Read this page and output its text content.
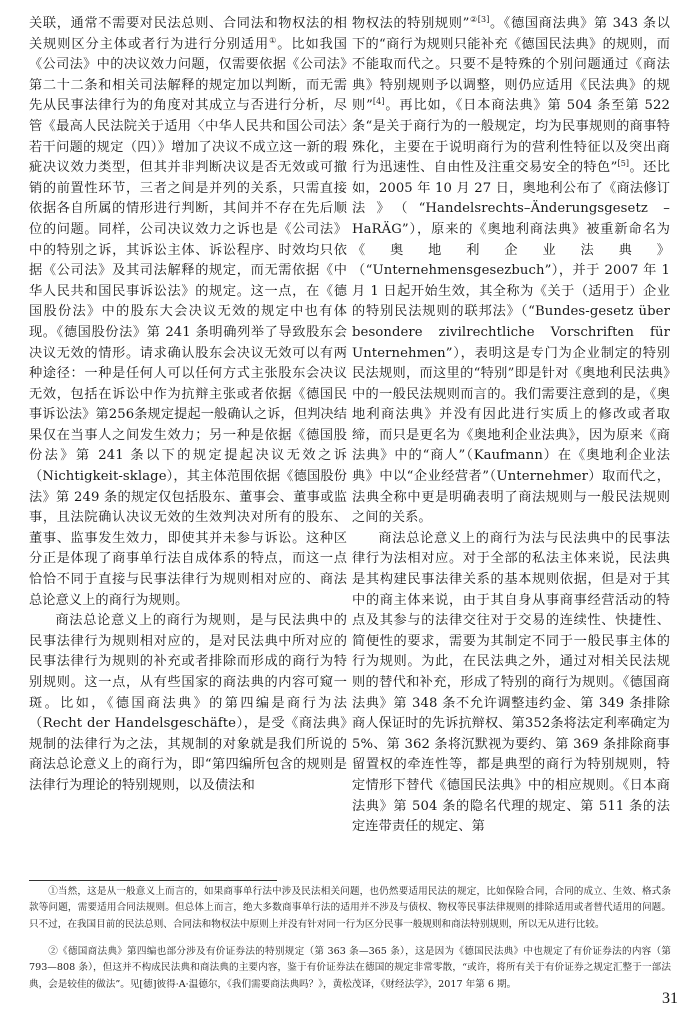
关联，通常不需要对民法总则、合同法和物权法的相关规则区分主体或者行为进行分别适用①。比如我国《公司法》中的决议效力问题，仅需要依据《公司法》第二十二条和相关司法解释的规定加以判断，而无需先从民事法律行为的角度对其成立与否进行分析，尽管《最高人民法院关于适用〈中华人民共和国公司法〉若干问题的规定（四）》增加了决议不成立这一新的瑕疵决议效力类型，但其并非判断决议是否无效或可撤销的前置性环节，三者之间是并列的关系，只需直接依据各自所属的情形进行判断，其间并不存在先后顺位的问题。同样，公司决议效力之诉也是《公司法》中的特别之诉，其诉讼主体、诉讼程序、时效均只依据《公司法》及其司法解释的规定，而无需依据《中华人民共和国民事诉讼法》的规定。这一点，在《德国股份法》中的股东大会决议无效的规定中也有体现。《德国股份法》第 241 条明确列举了导致股东会决议无效的情形。请求确认股东会决议无效可以有两种途径：一种是任何人可以任何方式主张股东会决议无效，包括在诉讼中作为抗辩主张或者依据《德国民事诉讼法》第256条规定提起一般确认之诉，但判决结果仅在当事人之间发生效力；另一种是依据《德国股份法》第 241 条以下的规定提起决议无效之诉（Nichtigkeit-sklage），其主体范围依据《德国股份法》第 249 条的规定仅包括股东、董事会、董事或监事，且法院确认决议无效的生效判决对所有的股东、董事、监事发生效力，即使其并未参与诉讼。这种区分正是体现了商事单行法自成体系的特点，而这一点恰恰不同于直接与民事法律行为规则相对应的、商法总论意义上的商行为规则。

商法总论意义上的商行为规则，是与民法典中的民事法律行为规则相对应的，是对民法典中所对应的民事法律行为规则的补充或者排除而形成的商行为特别规则。这一点，从有些国家的商法典的内容可窥一斑。比如，《德国商法典》的第四编是商行为法（Recht der Handelsgeschäfte），是受《商法典》规制的法律行为之法，其规制的对象就是我们所说的商法总论意义上的商行为，即“第四编所包含的规则是法律行为理论的特别规则，以及债法和

物权法的特别规则”$^{②[3]}$。《德国商法典》第 343 条以下的“商行为规则只能补充《德国民法典》的规则，而不能取而代之。只要不是特殊的个别问题通过《商法典》特别规则予以调整，则仍应适用《民法典》的规则”[4]。再比如，《日本商法典》第 504 条至第 522 条“是关于商行为的一般规定，均为民事规则的商事特殊化，主要在于说明商行为的营利性特征以及突出商行为迅速性、自由性及注重交易安全的特色”[5]。还比如，2005 年 10 月 27 日，奥地利公布了《商法修订法》（“Handelsrechts–Änderungsgesetz –HaRÄG”），原来的《奥地利商法典》被重新命名为《奥地利企业法典》（“Unternehmensgesezbuch”），并于 2007 年 1 月 1 日起开始生效，其全称为《关于（适用于）企业的特别民法规则的联邦法》（“Bundes-gesetz über besondere zivilrechtliche Vorschriften für Unternehmen”），表明这是专门为企业制定的特别民法规则，而这里的“特别”即是针对《奥地利民法典》中的一般民法规则而言的。我们需要注意到的是，《奥地利商法典》并没有因此进行实质上的修改或者取缔，而只是更名为《奥地利企业法典》，因为原来《商法典》中的“商人”（Kaufmann）在《奥地利企业法典》中以“企业经营者”（Unternehmer）取而代之，法典全称中更是明确表明了商法规则与一般民法规则之间的关系。

商法总论意义上的商行为法与民法典中的民事法律行为法相对应。对于全部的私法主体来说，民法典是其构建民事法律关系的基本规则依据，但是对于其中的商主体来说，由于其自身从事商事经营活动的特点及其参与的法律交往对于交易的连续性、快捷性、简便性的要求，需要为其制定不同于一般民事主体的行为规则。为此，在民法典之外，通过对相关民法规则的替代和补充，形成了特别的商行为规则。《德国商法典》第 348 条不允许调整违约金、第 349 条排除商人保证时的先诉抗辩权、第352条将法定利率确定为 5%、第 362 条将沉默视为要约、第 369 条排除商事留置权的牵连性等，都是典型的商行为特别规则，特定情形下替代《德国民法典》中的相应规则。《日本商法典》第 504 条的隐名代理的规定、第 511 条的法定连带责任的规定、第

①当然，这是从一般意义上而言的，如果商事单行法中涉及民法相关问题，也仍然要适用民法的规定，比如保险合同，合同的成立、生效、格式条款等问题，需要适用合同法规则。但总体上而言，绝大多数商事单行法的适用并不涉及与债权、物权等民事法律规则的排除适用或者替代适用的问题。只不过，在我国目前的民法总则、合同法和物权法中原则上并没有针对同一行为区分民事一般规则和商法特别规则，所以无从进行比较。

②《德国商法典》第四编也部分涉及有价证券法的特别规定（第 363 条—365 条），这是因为《德国民法典》中也规定了有价证券法的内容（第 793—808 条），但这并不构成民法典和商法典的主要内容，鉴于有价证券法在德国的规定非常零散，“或许，将所有关于有价证券之规定汇整于一部法典，会是较佳的做法”。见[德]彼得·A·温德尔，《我们需要商法典吗？》，黄松茂译，《财经法学》，2017 年第 6 期。

31
